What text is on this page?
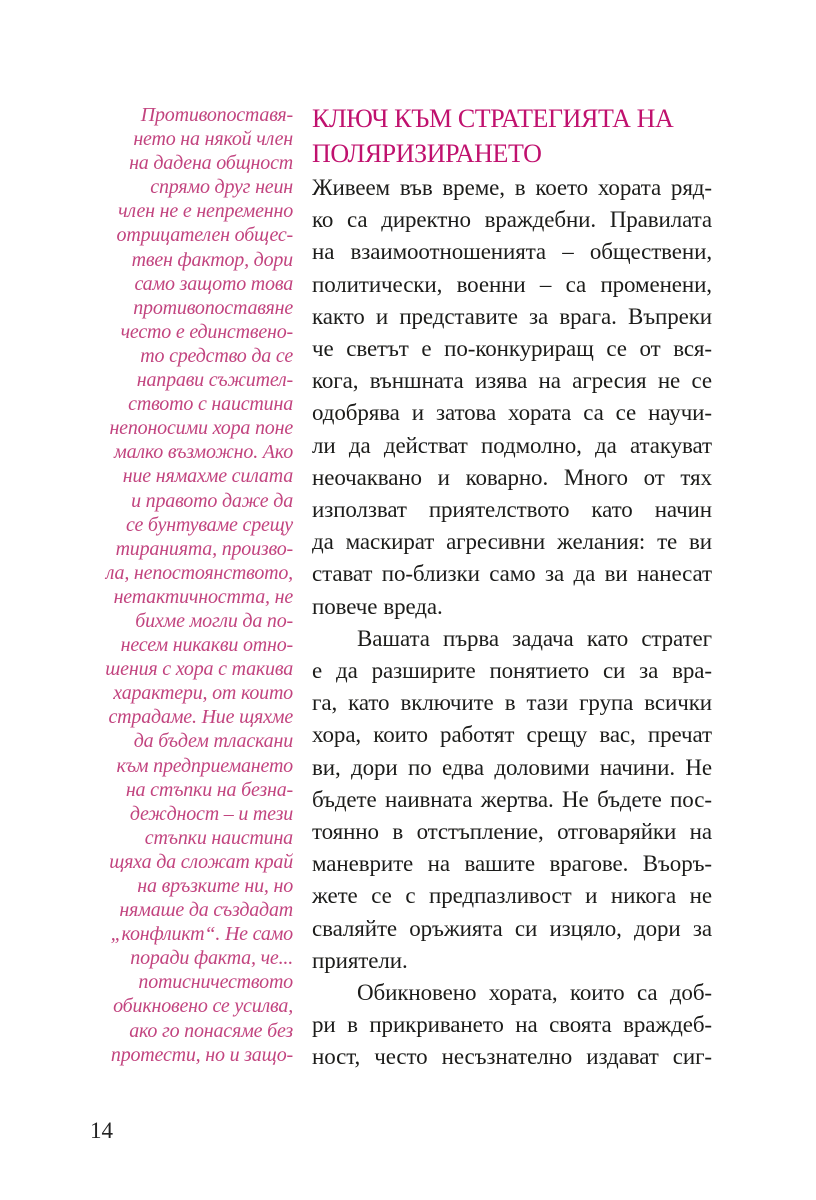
Противопоставя-
нето на някой член
на дадена общност
спрямо друг неин
член не е непременно
отрицателен общес-
твен фактор, дори
само защото това
противопоставяне
често е единствено-
то средство да се
направи съжител-
ството с наистина
непоносими хора поне
малко възможно. Ако
ние нямахме силата
и правото даже да
се бунтуваме срещу
тиранията, произво-
ла, непостоянството,
нетактичността, не
бихме могли да по-
несем никакви отно-
шения с хора с такива
характери, от които
страдаме. Ние щяхме
да бъдем тласкани
към предприемането
на стъпки на безна-
деждност – и тези
стъпки наистина
щяха да сложат край
на връзките ни, но
нямаше да създадат
„конфликт“. Не само
поради факта, че...
потисничеството
обикновено се усилва,
ако го понасяме без
протести, но и защо-
КЛЮЧ КЪМ СТРАТЕГИЯТА НА
ПОЛЯРИЗИРАНЕТО
Живеем във време, в което хората ряд-
ко са директно враждебни. Правилата
на взаимоотношенията – обществени,
политически, военни – са променени,
както и представите за врага. Въпреки
че светът е по-конкуриращ се от вся-
кога, външната изява на агресия не се
одобрява и затова хората са се научи-
ли да действат подмолно, да атакуват
неочаквано и коварно. Много от тях
използват приятелството като начин
да маскират агресивни желания: те ви
стават по-близки само за да ви нанесат
повече вреда.
Вашата първа задача като стратег
е да разширите понятието си за вра-
га, като включите в тази група всички
хора, които работят срещу вас, пречат
ви, дори по едва доловими начини. Не
бъдете наивната жертва. Не бъдете пос-
тоянно в отстъпление, отговаряйки на
маневрите на вашите врагове. Въоръ-
жете се с предпазливост и никога не
сваляйте оръжията си изцяло, дори за
приятели.
Обикновено хората, които са доб-
ри в прикриването на своята враждеб-
ност, често несъзнателно издават сиг-
14
